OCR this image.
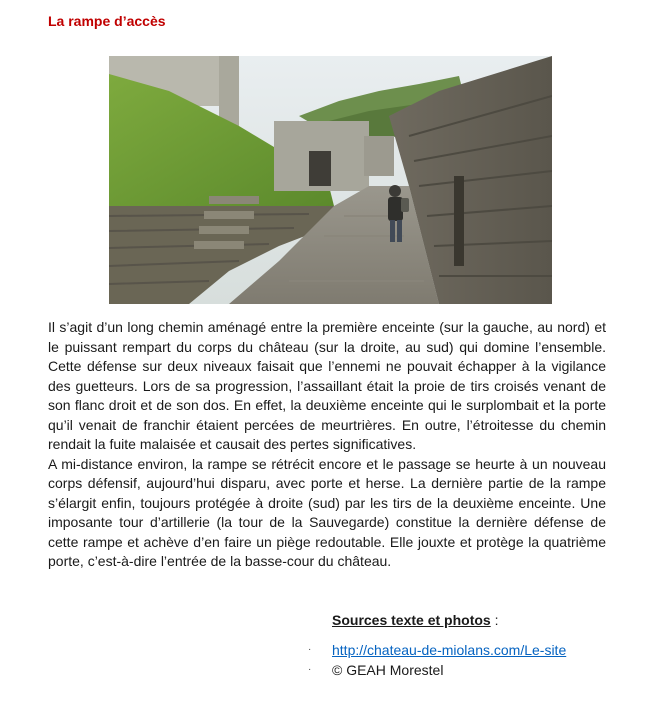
La rampe d’accès

Il s’agit d’un long chemin aménagé entre la première enceinte (sur la gauche, au nord) et le puissant rempart du corps du château (sur la droite, au sud) qui domine l’ensemble. Cette défense sur deux niveaux faisait que l’ennemi ne pouvait échapper à la vigilance des guetteurs. Lors de sa progression, l’assaillant était la proie de tirs croisés venant de son flanc droit et de son dos. En effet, la deuxième enceinte qui le surplombait et la porte qu’il venait de franchir étaient percées de meurtrières. En outre, l’étroitesse du chemin rendait la fuite malaisée et causait des pertes significatives.

A mi-distance environ, la rampe se rétrécit encore et le passage se heurte à un nouveau corps défensif, aujourd’hui disparu, avec porte et herse. La dernière partie de la rampe s’élargit enfin, toujours protégée à droite (sud) par les tirs de la deuxième enceinte. Une imposante tour d’artillerie (la tour de la Sauvegarde) constitue la dernière défense de cette rampe et achève d’en faire un piège redoutable. Elle jouxte et protège la quatrième porte, c’est-à-dire l’entrée de la basse-cour du château.

Sources texte et photos :
· http://chateau-de-miolans.com/Le-site
· © GEAH Morestel
